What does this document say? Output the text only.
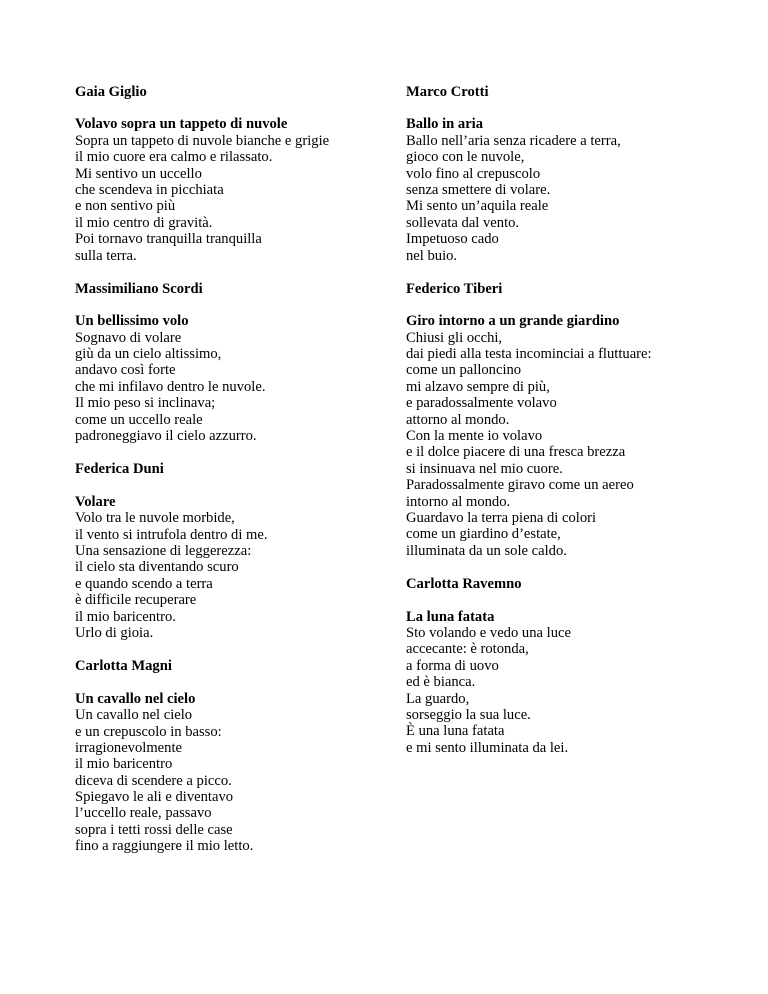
Gaia Giglio
Volavo sopra un tappeto di nuvole
Sopra un tappeto di nuvole bianche e grigie
il mio cuore era calmo e rilassato.
Mi sentivo un uccello
che scendeva in picchiata
e non sentivo più
il mio centro di gravità.
Poi tornavo tranquilla tranquilla
sulla terra.
Massimiliano Scordi
Un bellissimo volo
Sognavo di volare
giù da un cielo altissimo,
andavo così forte
che mi infilavo dentro le nuvole.
Il mio peso si inclinava;
come un uccello reale
padroneggiavo il cielo azzurro.
Federica Duni
Volare
Volo tra le nuvole morbide,
il vento si intrufola dentro di me.
Una sensazione di leggerezza:
il cielo sta diventando scuro
e quando scendo a terra
è difficile recuperare
il mio baricentro.
Urlo di gioia.
Carlotta Magni
Un cavallo nel cielo
Un cavallo nel cielo
e un crepuscolo in basso:
irragionevolmente
il mio baricentro
diceva di scendere a picco.
Spiegavo le ali e diventavo
l’uccello reale, passavo
sopra i tetti rossi delle case
fino a raggiungere il mio letto.
Marco Crotti
Ballo in aria
Ballo nell’aria senza ricadere a terra,
gioco con le nuvole,
volo fino al crepuscolo
senza smettere di volare.
Mi sento un’aquila reale
sollevata dal vento.
Impetuoso cado
nel buio.
Federico Tiberi
Giro intorno a un grande giardino
Chiusi gli occhi,
dai piedi alla testa incominciai a fluttuare:
come un palloncino
mi alzavo sempre di più,
e paradossalmente volavo
attorno al mondo.
Con la mente io volavo
e il dolce piacere di una fresca brezza
si insinuava nel mio cuore.
Paradossalmente giravo come un aereo
intorno al mondo.
Guardavo la terra piena di colori
come un giardino d’estate,
illuminata da un sole caldo.
Carlotta Ravemno
La luna fatata
Sto volando e vedo una luce
accecante: è rotonda,
a forma di uovo
ed è bianca.
La guardo,
sorseggio la sua luce.
È una luna fatata
e mi sento illuminata da lei.
